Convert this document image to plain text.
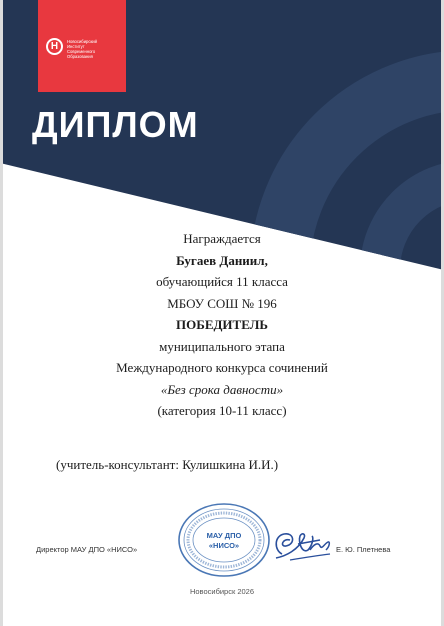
Н	Новосибирский
Институт
Современного
Образования
ДИПЛОМ
Награждается
Бугаев Даниил,
обучающийся 11 класса
МБОУ СОШ № 196
ПОБЕДИТЕЛЬ
муниципального этапа
Международного конкурса сочинений
«Без срока давности»
(категория 10-11 класс)
(учитель-консультант: Кулишкина И.И.)
Директор МАУ ДПО «НИСО»
МАУ ДПО
«НИСО»	Е. Ю. Плетнева
Новосибирск 2026
